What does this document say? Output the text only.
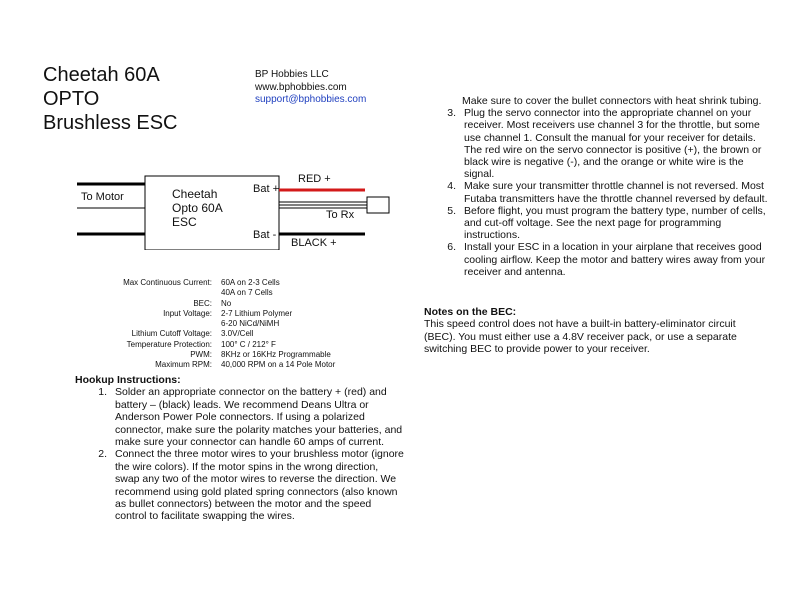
Cheetah 60A
OPTO
Brushless ESC
BP Hobbies LLC
www.bphobbies.com
support@bphobbies.com
To Motor	Cheetah
Opto 60A
ESC
Bat +
Bat -
RED +
To Rx
BLACK +
Max Continuous Current:	60A on 2-3 Cells
40A on 7 Cells
BEC:	No
Input Voltage:	2-7 Lithium Polymer
6-20 NiCd/NiMH
Lithium Cutoff Voltage:	3.0V/Cell
Temperature Protection:	100° C / 212° F
PWM:	8KHz or 16KHz Programmable
Maximum RPM:	40,000 RPM on a 14 Pole Motor
Hookup Instructions:
1. Solder an appropriate connector on the battery + (red) and battery – (black) leads. We recommend Deans Ultra or Anderson Power Pole connectors. If using a polarized connector, make sure the polarity matches your batteries, and make sure your connector can handle 60 amps of current.
2. Connect the three motor wires to your brushless motor (ignore the wire colors). If the motor spins in the wrong direction, swap any two of the motor wires to reverse the direction. We recommend using gold plated spring connectors (also known as bullet connectors) between the motor and the speed control to facilitate swapping the wires.
Make sure to cover the bullet connectors with heat shrink tubing.
3. Plug the servo connector into the appropriate channel on your receiver. Most receivers use channel 3 for the throttle, but some use channel 1. Consult the manual for your receiver for details. The red wire on the servo connector is positive (+), the brown or black wire is negative (-), and the orange or white wire is the signal.
4. Make sure your transmitter throttle channel is not reversed. Most Futaba transmitters have the throttle channel reversed by default.
5. Before flight, you must program the battery type, number of cells, and cut-off voltage. See the next page for programming instructions.
6. Install your ESC in a location in your airplane that receives good cooling airflow. Keep the motor and battery wires away from your receiver and antenna.
Notes on the BEC:
This speed control does not have a built-in battery-eliminator circuit (BEC). You must either use a 4.8V receiver pack, or use a separate switching BEC to provide power to your receiver.
